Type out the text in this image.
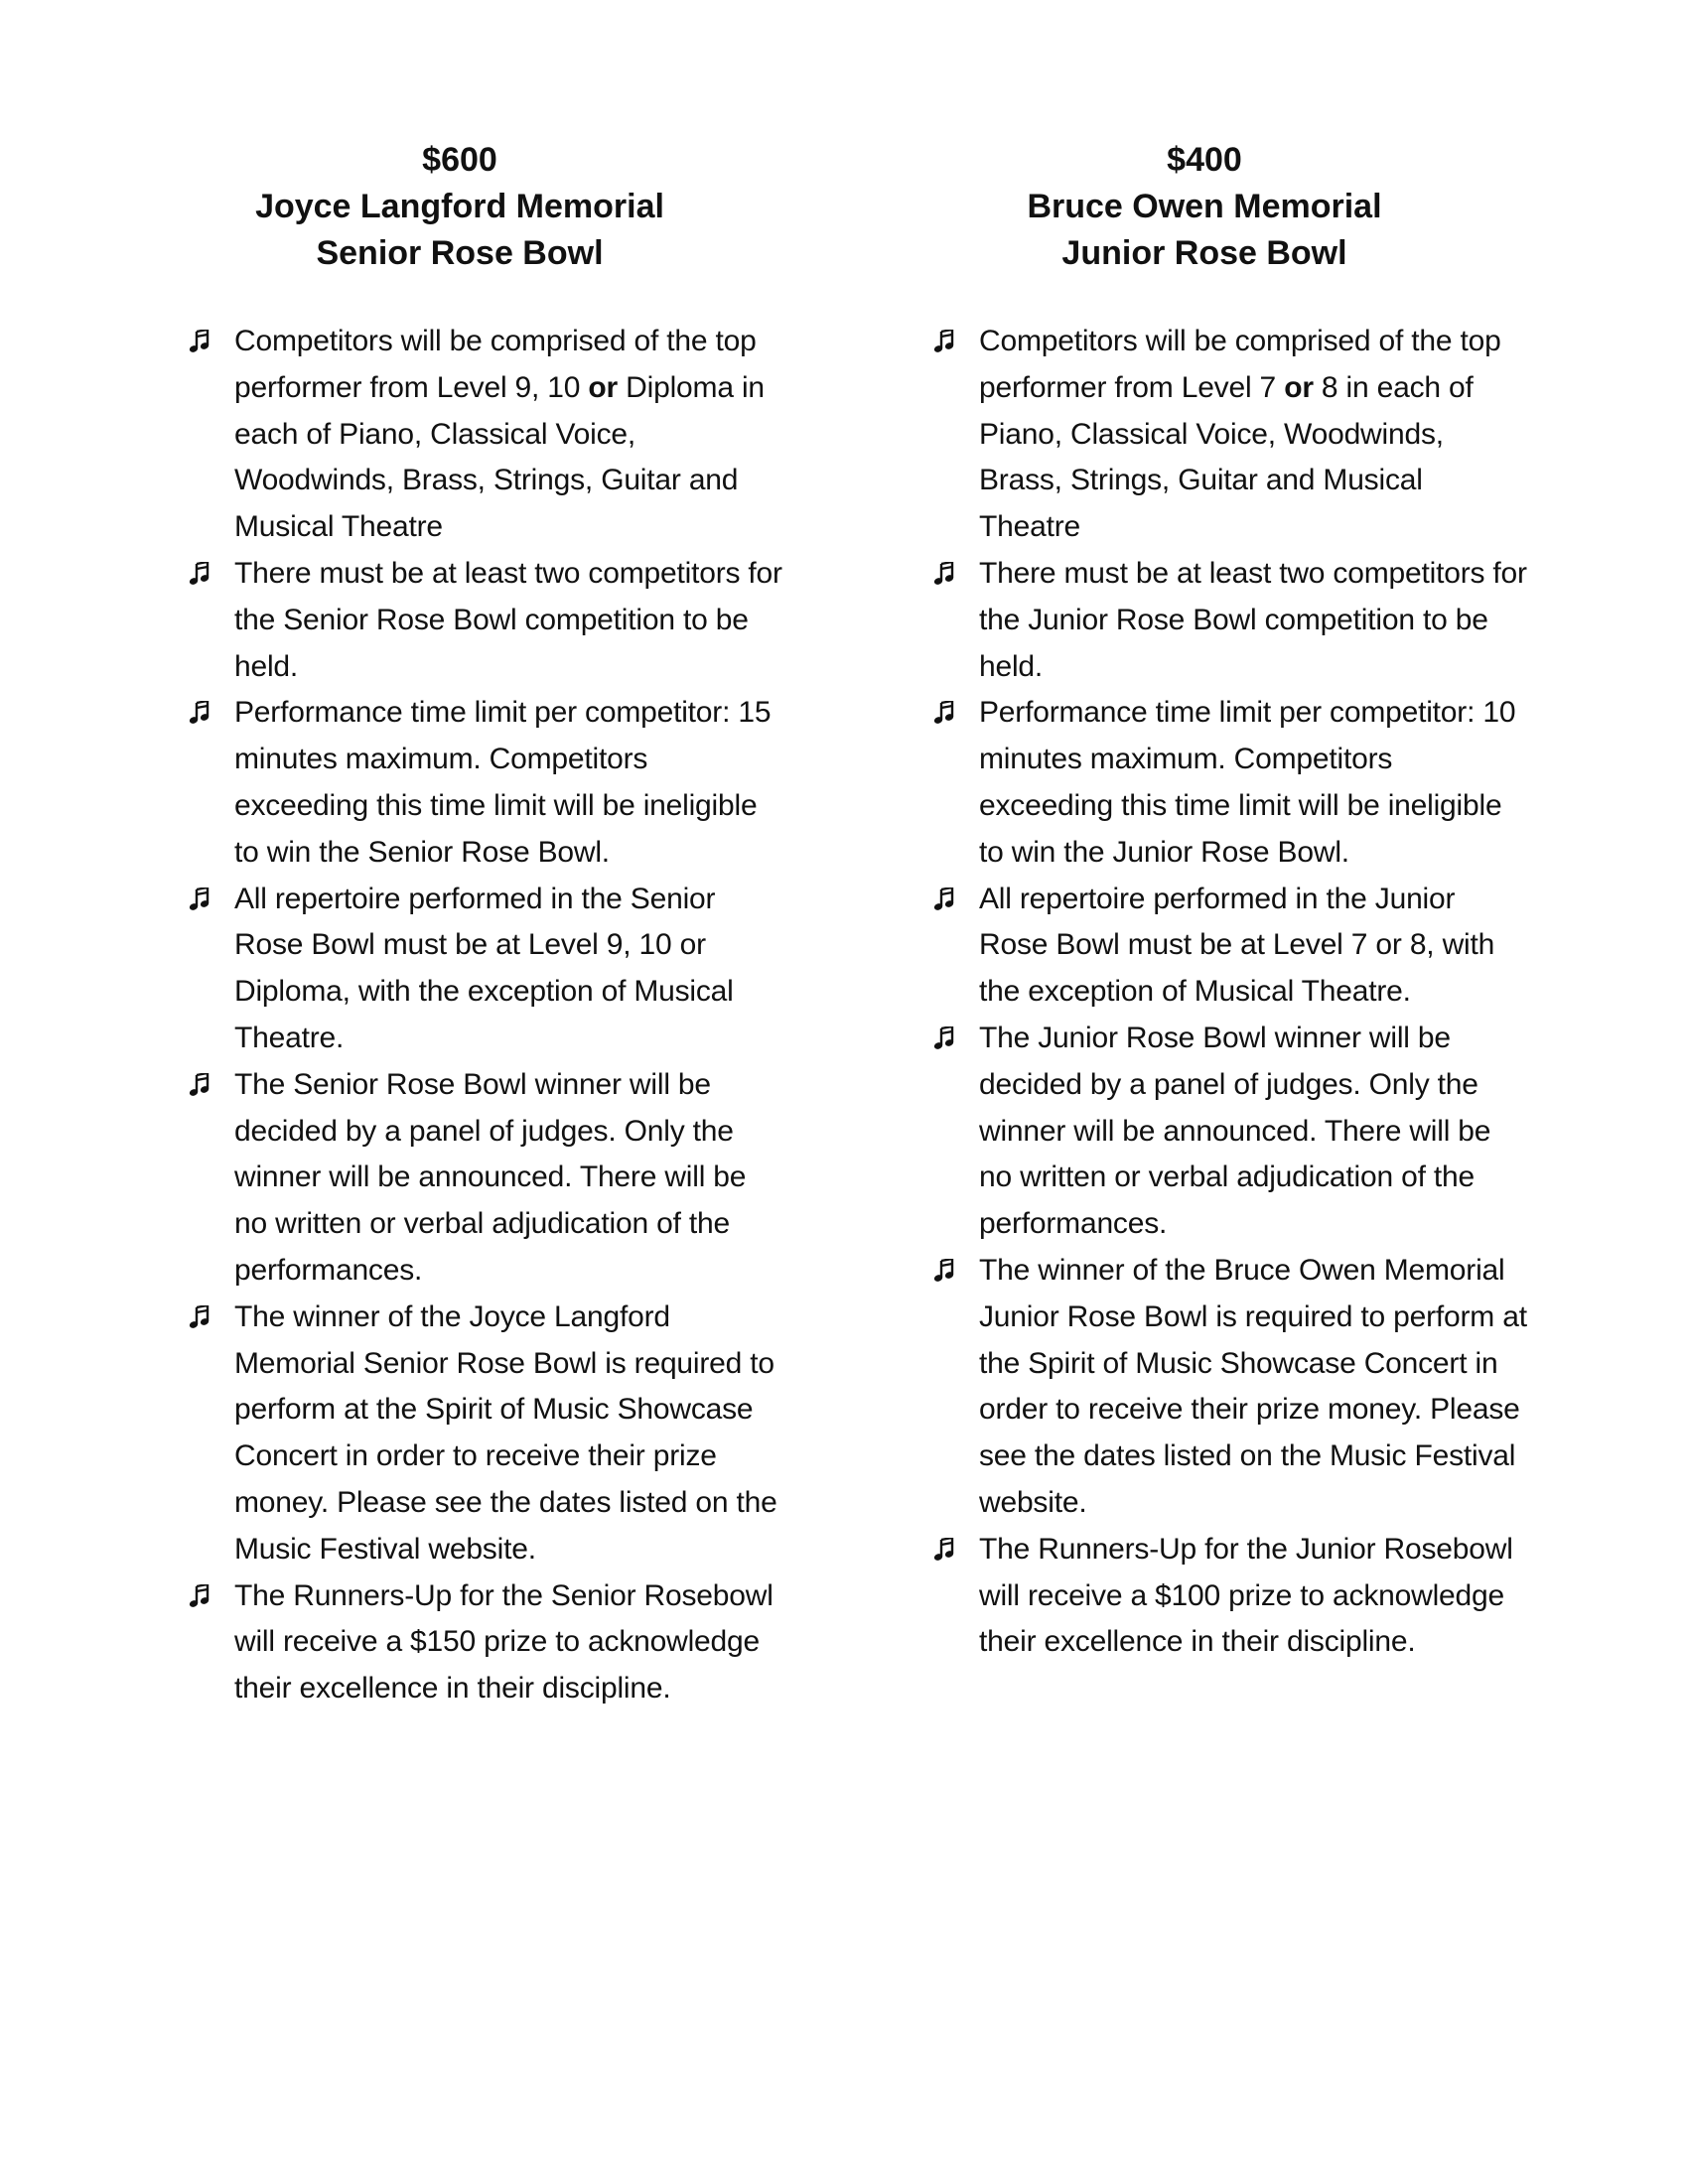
$600
Joyce Langford Memorial
Senior Rose Bowl
Competitors will be comprised of the top performer from Level 9, 10 or Diploma in each of Piano, Classical Voice, Woodwinds, Brass, Strings, Guitar and Musical Theatre
There must be at least two competitors for the Senior Rose Bowl competition to be held.
Performance time limit per competitor: 15 minutes maximum. Competitors exceeding this time limit will be ineligible to win the Senior Rose Bowl.
All repertoire performed in the Senior Rose Bowl must be at Level 9, 10 or Diploma, with the exception of Musical Theatre.
The Senior Rose Bowl winner will be decided by a panel of judges. Only the winner will be announced. There will be no written or verbal adjudication of the performances.
The winner of the Joyce Langford Memorial Senior Rose Bowl is required to perform at the Spirit of Music Showcase Concert in order to receive their prize money. Please see the dates listed on the Music Festival website.
The Runners-Up for the Senior Rosebowl will receive a $150 prize to acknowledge their excellence in their discipline.
$400
Bruce Owen Memorial
Junior Rose Bowl
Competitors will be comprised of the top performer from Level 7 or 8 in each of Piano, Classical Voice, Woodwinds, Brass, Strings, Guitar and Musical Theatre
There must be at least two competitors for the Junior Rose Bowl competition to be held.
Performance time limit per competitor: 10 minutes maximum. Competitors exceeding this time limit will be ineligible to win the Junior Rose Bowl.
All repertoire performed in the Junior Rose Bowl must be at Level 7 or 8, with the exception of Musical Theatre.
The Junior Rose Bowl winner will be decided by a panel of judges. Only the winner will be announced. There will be no written or verbal adjudication of the performances.
The winner of the Bruce Owen Memorial Junior Rose Bowl is required to perform at the Spirit of Music Showcase Concert in order to receive their prize money. Please see the dates listed on the Music Festival website.
The Runners-Up for the Junior Rosebowl will receive a $100 prize to acknowledge their excellence in their discipline.
